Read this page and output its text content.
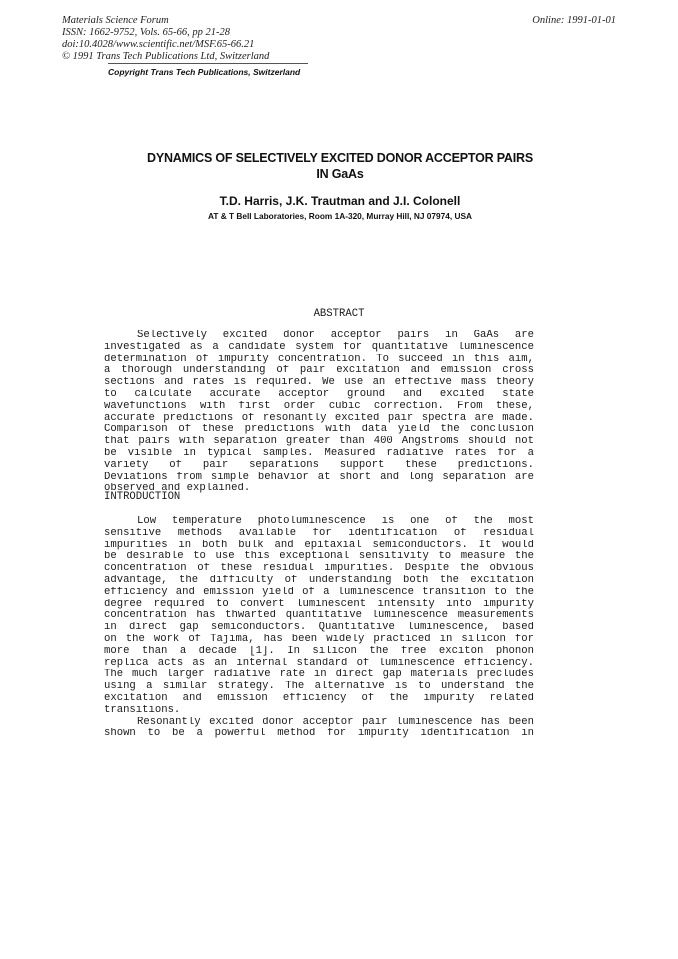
Materials Science Forum
ISSN: 1662-9752, Vols. 65-66, pp 21-28
doi:10.4028/www.scientific.net/MSF.65-66.21
© 1991 Trans Tech Publications Ltd, Switzerland
Online: 1991-01-01
Copyright Trans Tech Publications, Switzerland
DYNAMICS OF SELECTIVELY EXCITED DONOR ACCEPTOR PAIRS
IN GaAs
T.D. Harris, J.K. Trautman and J.I. Colonell
AT & T Bell Laboratories, Room 1A-320, Murray Hill, NJ 07974, USA
ABSTRACT
Selectively excited donor acceptor pairs in GaAs are
investigated as a candidate system for quantitative luminescence
determination of impurity concentration. To succeed in this aim,
a thorough understanding of pair excitation and emission cross
sections and rates is required. We use an effective mass theory
to calculate accurate acceptor ground and excited state
wavefunctions with first order cubic correction. From these,
accurate predictions of resonantly excited pair spectra are made.
Comparison of these predictions with data yield the conclusion
that pairs with separation greater than 400 Angstroms should not
be visible in typical samples. Measured radiative rates for a
variety of pair separations support these predictions.
Deviations from simple behavior at short and long separation are
observed and explained.
INTRODUCTION
Low temperature photoluminescence is one of the most
sensitive methods available for identification of residual
impurities in both bulk and epitaxial semiconductors. It would
be desirable to use this exceptional sensitivity to measure the
concentration of these residual impurities. Despite the obvious
advantage, the difficulty of understanding both the excitation
efficiency and emission yield of a luminescence transition to the
degree required to convert luminescent intensity into impurity
concentration has thwarted quantitative luminescence measurements
in direct gap semiconductors. Quantitative luminescence, based
on the work of Tajima, has been widely practiced in silicon for
more than a decade [1]. In silicon the free exciton phonon
replica acts as an internal standard of luminescence efficiency.
The much larger radiative rate in direct gap materials precludes
using a similar strategy. The alternative is to understand the
excitation and emission efficiency of the impurity related
transitions.
Resonantly excited donor acceptor pair luminescence has been
shown to be a powerful method for impurity identification in
